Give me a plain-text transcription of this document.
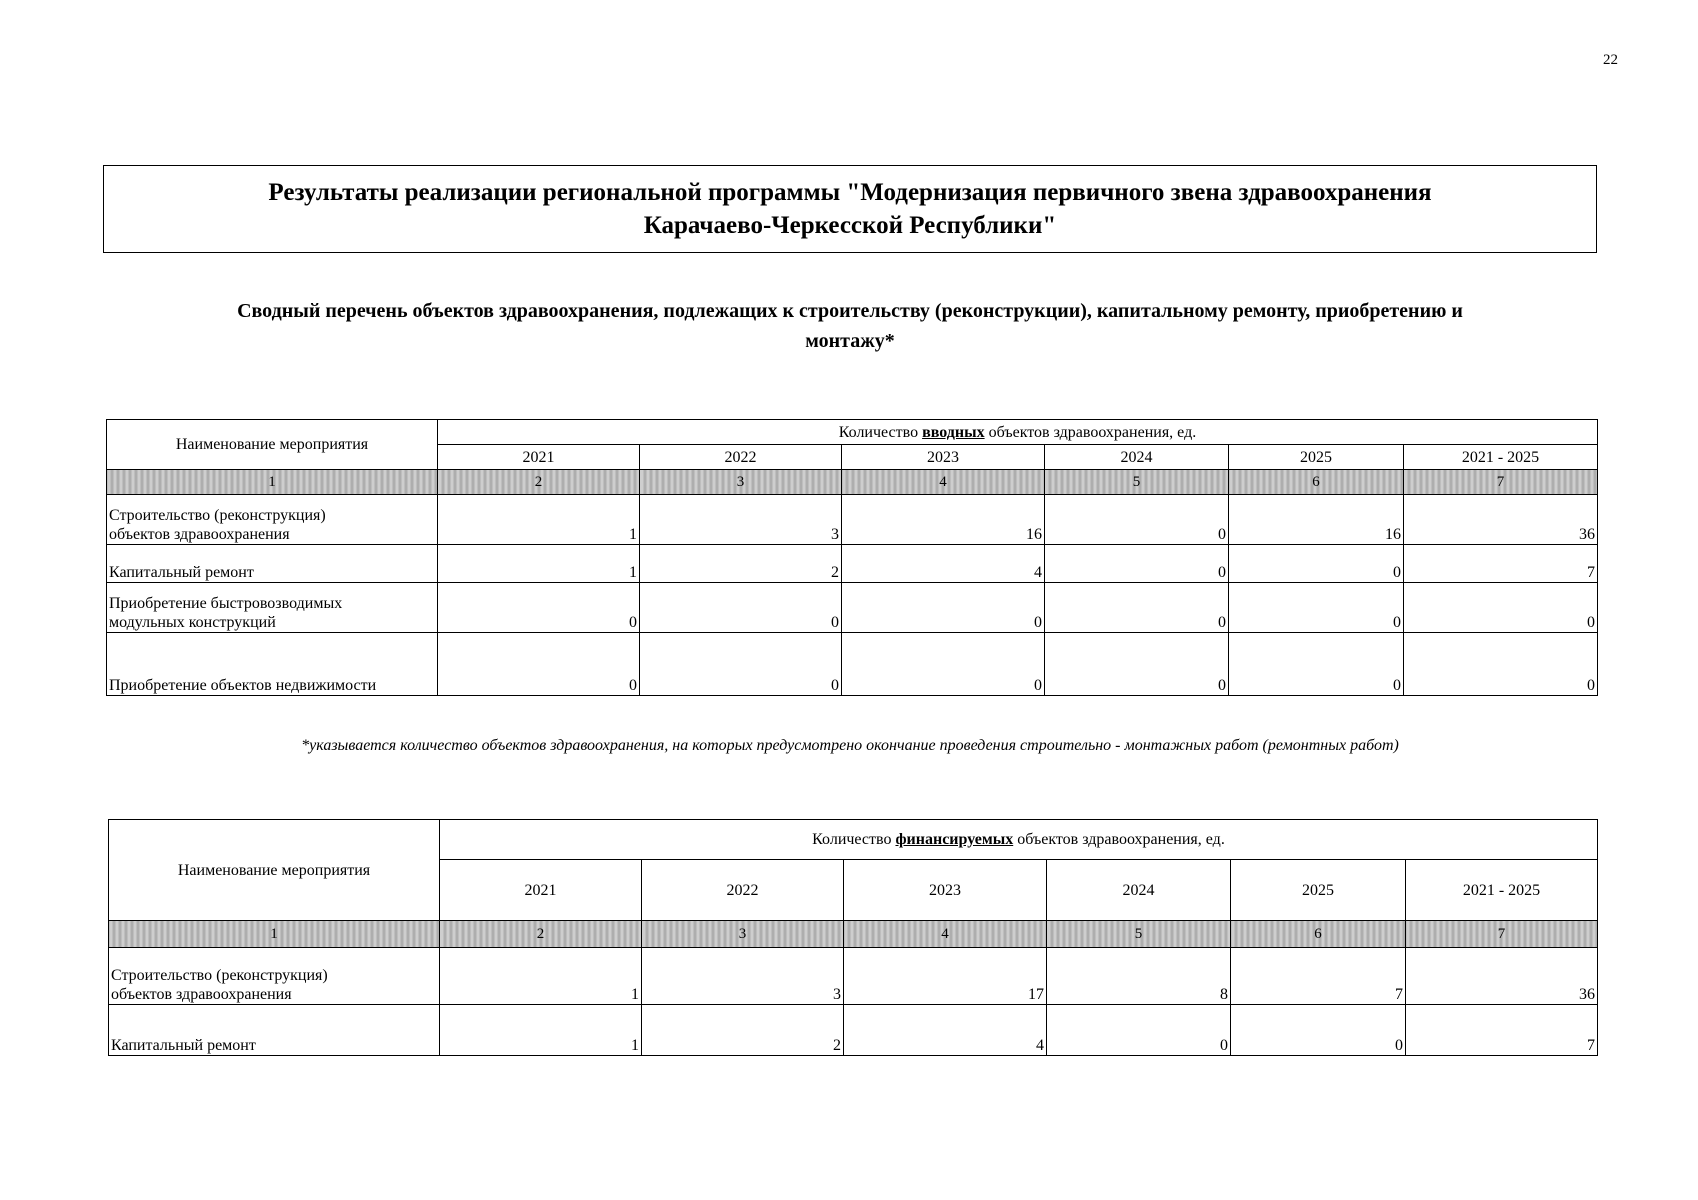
22
Результаты реализации региональной программы "Модернизация первичного звена здравоохранения
Карачаево-Черкесской Республики"
Сводный перечень объектов здравоохранения, подлежащих к строительству (реконструкции), капитальному ремонту, приобретению и
монтажу*
Наименование мероприятия	Количество вводных объектов здравоохранения, ед.					
	2021	2022	2023	2024	2025	2021 - 2025
1	2	3	4	5	6	7

Строительство (реконструкция)
объектов здравоохранения	1	3	16	0	16	36

Капитальный ремонт	1	2	4	0	0	7

Приобретение быстровозводимых
модульных конструкций	0	0	0	0	0	0

Приобретение объектов недвижимости	0	0	0	0	0	0
*указывается количество объектов здравоохранения, на которых предусмотрено окончание проведения строительно - монтажных работ (ремонтных работ)
Наименование мероприятия	Количество финансируемых объектов здравоохранения, ед.					
	2021	2022	2023	2024	2025	2021 - 2025
1	2	3	4	5	6	7

Строительство (реконструкция)
объектов здравоохранения	1	3	17	8	7	36

Капитальный ремонт	1	2	4	0	0	7
